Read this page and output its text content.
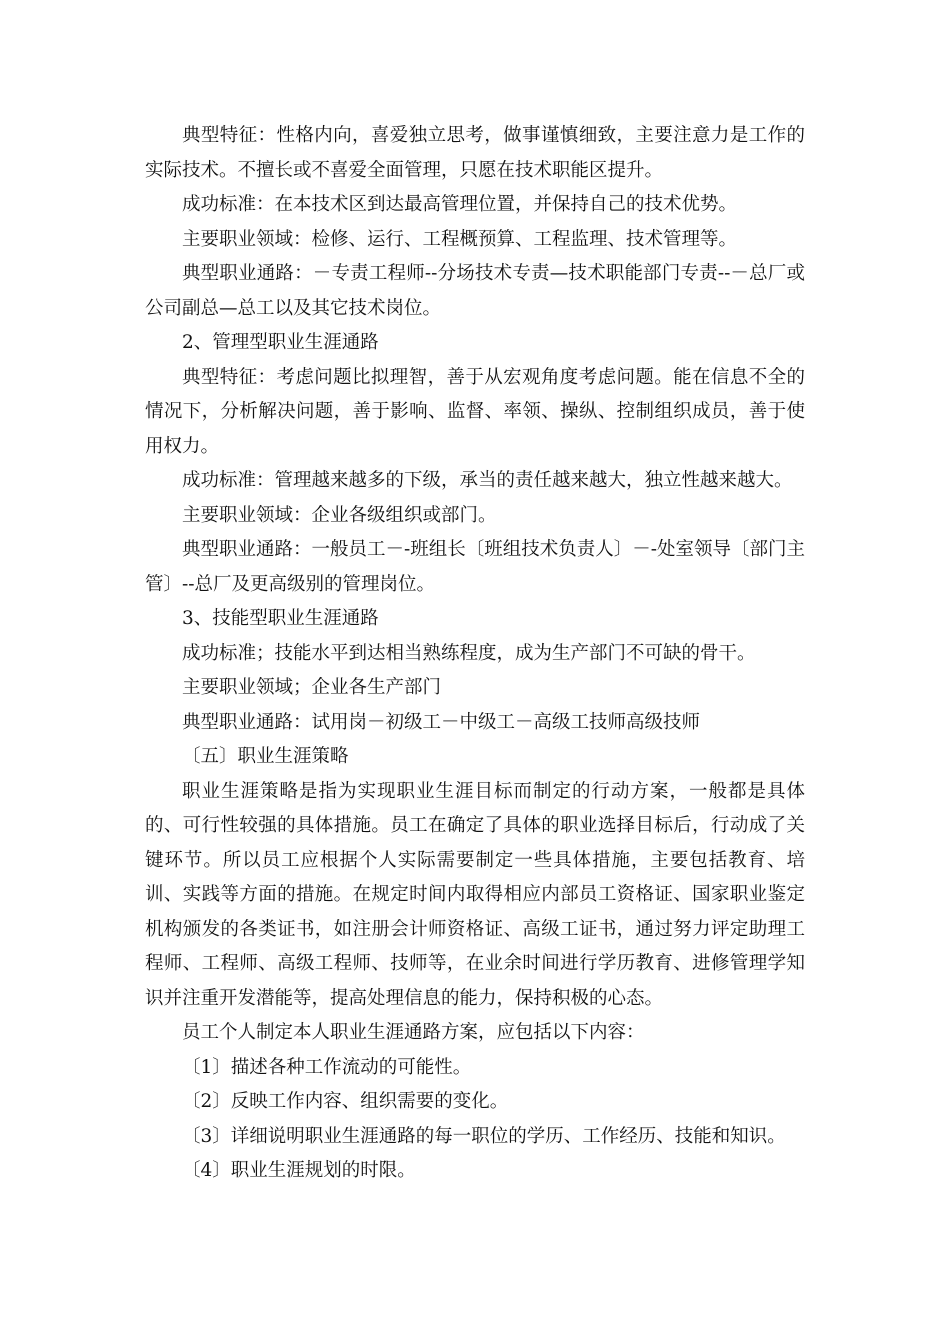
典型特征：性格内向，喜爱独立思考，做事谨慎细致，主要注意力是工作的实际技术。不擅长或不喜爱全面管理，只愿在技术职能区提升。

成功标准：在本技术区到达最高管理位置，并保持自己的技术优势。

主要职业领域：检修、运行、工程概预算、工程监理、技术管理等。

典型职业通路：－专责工程师--分场技术专责—技术职能部门专责--－总厂或公司副总—总工以及其它技术岗位。

2、管理型职业生涯通路

典型特征：考虑问题比拟理智，善于从宏观角度考虑问题。能在信息不全的情况下，分析解决问题，善于影响、监督、率领、操纵、控制组织成员，善于使用权力。

成功标准：管理越来越多的下级，承当的责任越来越大，独立性越来越大。

主要职业领域：企业各级组织或部门。

典型职业通路：一般员工－-班组长〔班组技术负责人〕－-处室领导〔部门主管〕--总厂及更高级别的管理岗位。

3、技能型职业生涯通路

成功标准；技能水平到达相当熟练程度，成为生产部门不可缺的骨干。

主要职业领域；企业各生产部门

典型职业通路：试用岗－初级工－中级工－高级工技师高级技师

〔五〕职业生涯策略

职业生涯策略是指为实现职业生涯目标而制定的行动方案，一般都是具体的、可行性较强的具体措施。员工在确定了具体的职业选择目标后，行动成了关键环节。所以员工应根据个人实际需要制定一些具体措施，主要包括教育、培训、实践等方面的措施。在规定时间内取得相应内部员工资格证、国家职业鉴定机构颁发的各类证书，如注册会计师资格证、高级工证书，通过努力评定助理工程师、工程师、高级工程师、技师等，在业余时间进行学历教育、进修管理学知识并注重开发潜能等，提高处理信息的能力，保持积极的心态。

员工个人制定本人职业生涯通路方案，应包括以下内容：

〔1〕描述各种工作流动的可能性。

〔2〕反映工作内容、组织需要的变化。

〔3〕详细说明职业生涯通路的每一职位的学历、工作经历、技能和知识。

〔4〕职业生涯规划的时限。
